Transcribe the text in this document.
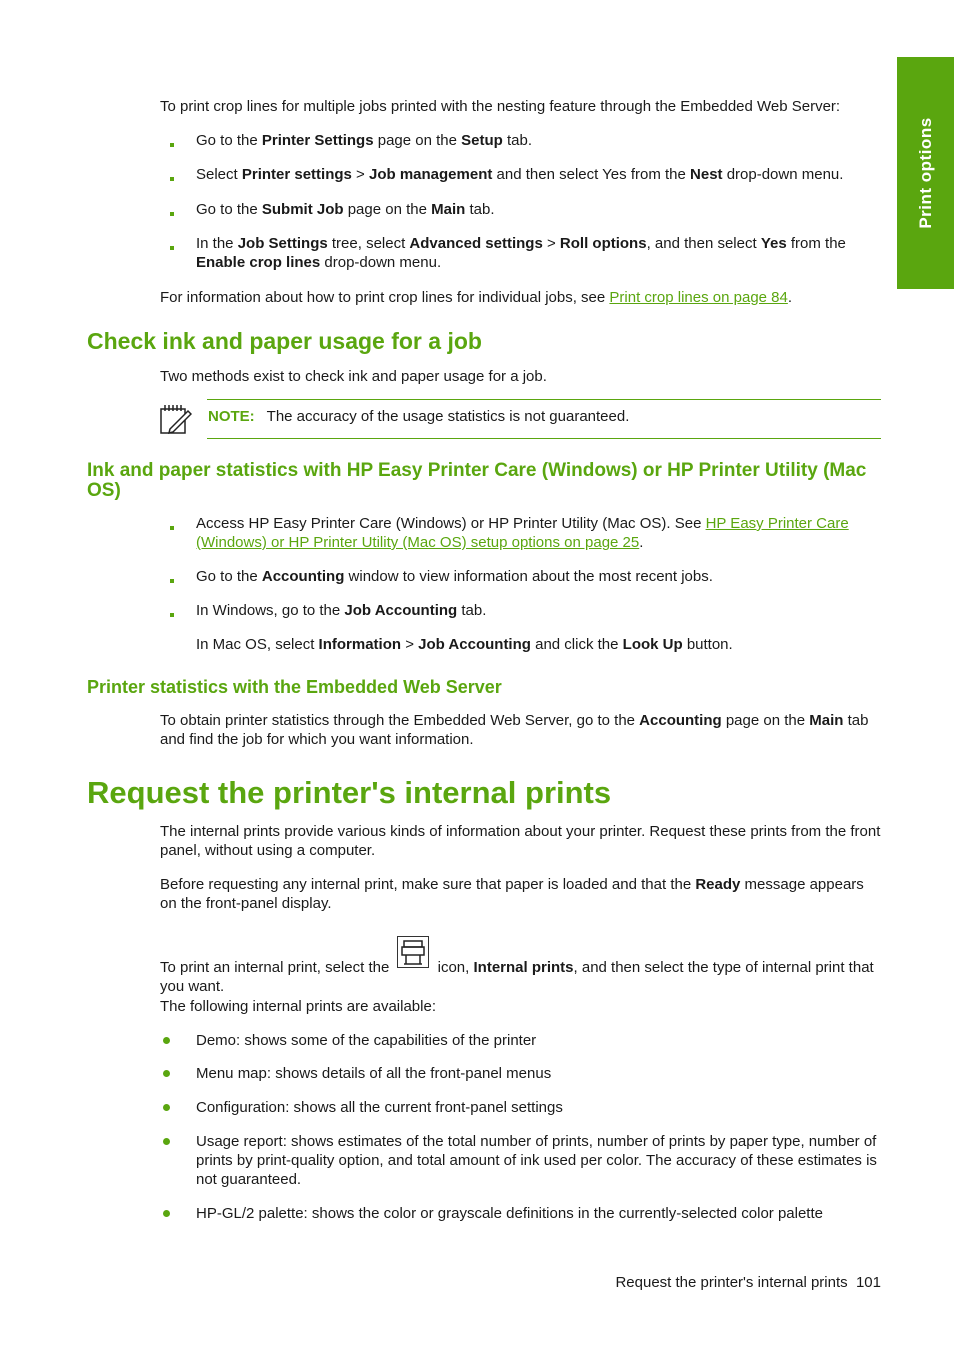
Print options

To print crop lines for multiple jobs printed with the nesting feature through the Embedded Web Server:

Go to the Printer Settings page on the Setup tab.

Select Printer settings > Job management and then select Yes from the Nest drop-down menu.

Go to the Submit Job page on the Main tab.

In the Job Settings tree, select Advanced settings > Roll options, and then select Yes from the Enable crop lines drop-down menu.

For information about how to print crop lines for individual jobs, see Print crop lines on page 84.

Check ink and paper usage for a job

Two methods exist to check ink and paper usage for a job.

NOTE: The accuracy of the usage statistics is not guaranteed.

Ink and paper statistics with HP Easy Printer Care (Windows) or HP Printer Utility (Mac OS)

Access HP Easy Printer Care (Windows) or HP Printer Utility (Mac OS). See HP Easy Printer Care (Windows) or HP Printer Utility (Mac OS) setup options on page 25.

Go to the Accounting window to view information about the most recent jobs.

In Windows, go to the Job Accounting tab.

In Mac OS, select Information > Job Accounting and click the Look Up button.

Printer statistics with the Embedded Web Server

To obtain printer statistics through the Embedded Web Server, go to the Accounting page on the Main tab and find the job for which you want information.

Request the printer's internal prints

The internal prints provide various kinds of information about your printer. Request these prints from the front panel, without using a computer.

Before requesting any internal print, make sure that paper is loaded and that the Ready message appears on the front-panel display.

To print an internal print, select the	icon, Internal prints, and then select the type of internal print that you want.

The following internal prints are available:

Demo: shows some of the capabilities of the printer

Menu map: shows details of all the front-panel menus

Configuration: shows all the current front-panel settings

Usage report: shows estimates of the total number of prints, number of prints by paper type, number of prints by print-quality option, and total amount of ink used per color. The accuracy of these estimates is not guaranteed.

HP-GL/2 palette: shows the color or grayscale definitions in the currently-selected color palette

Request the printer's internal prints 101
